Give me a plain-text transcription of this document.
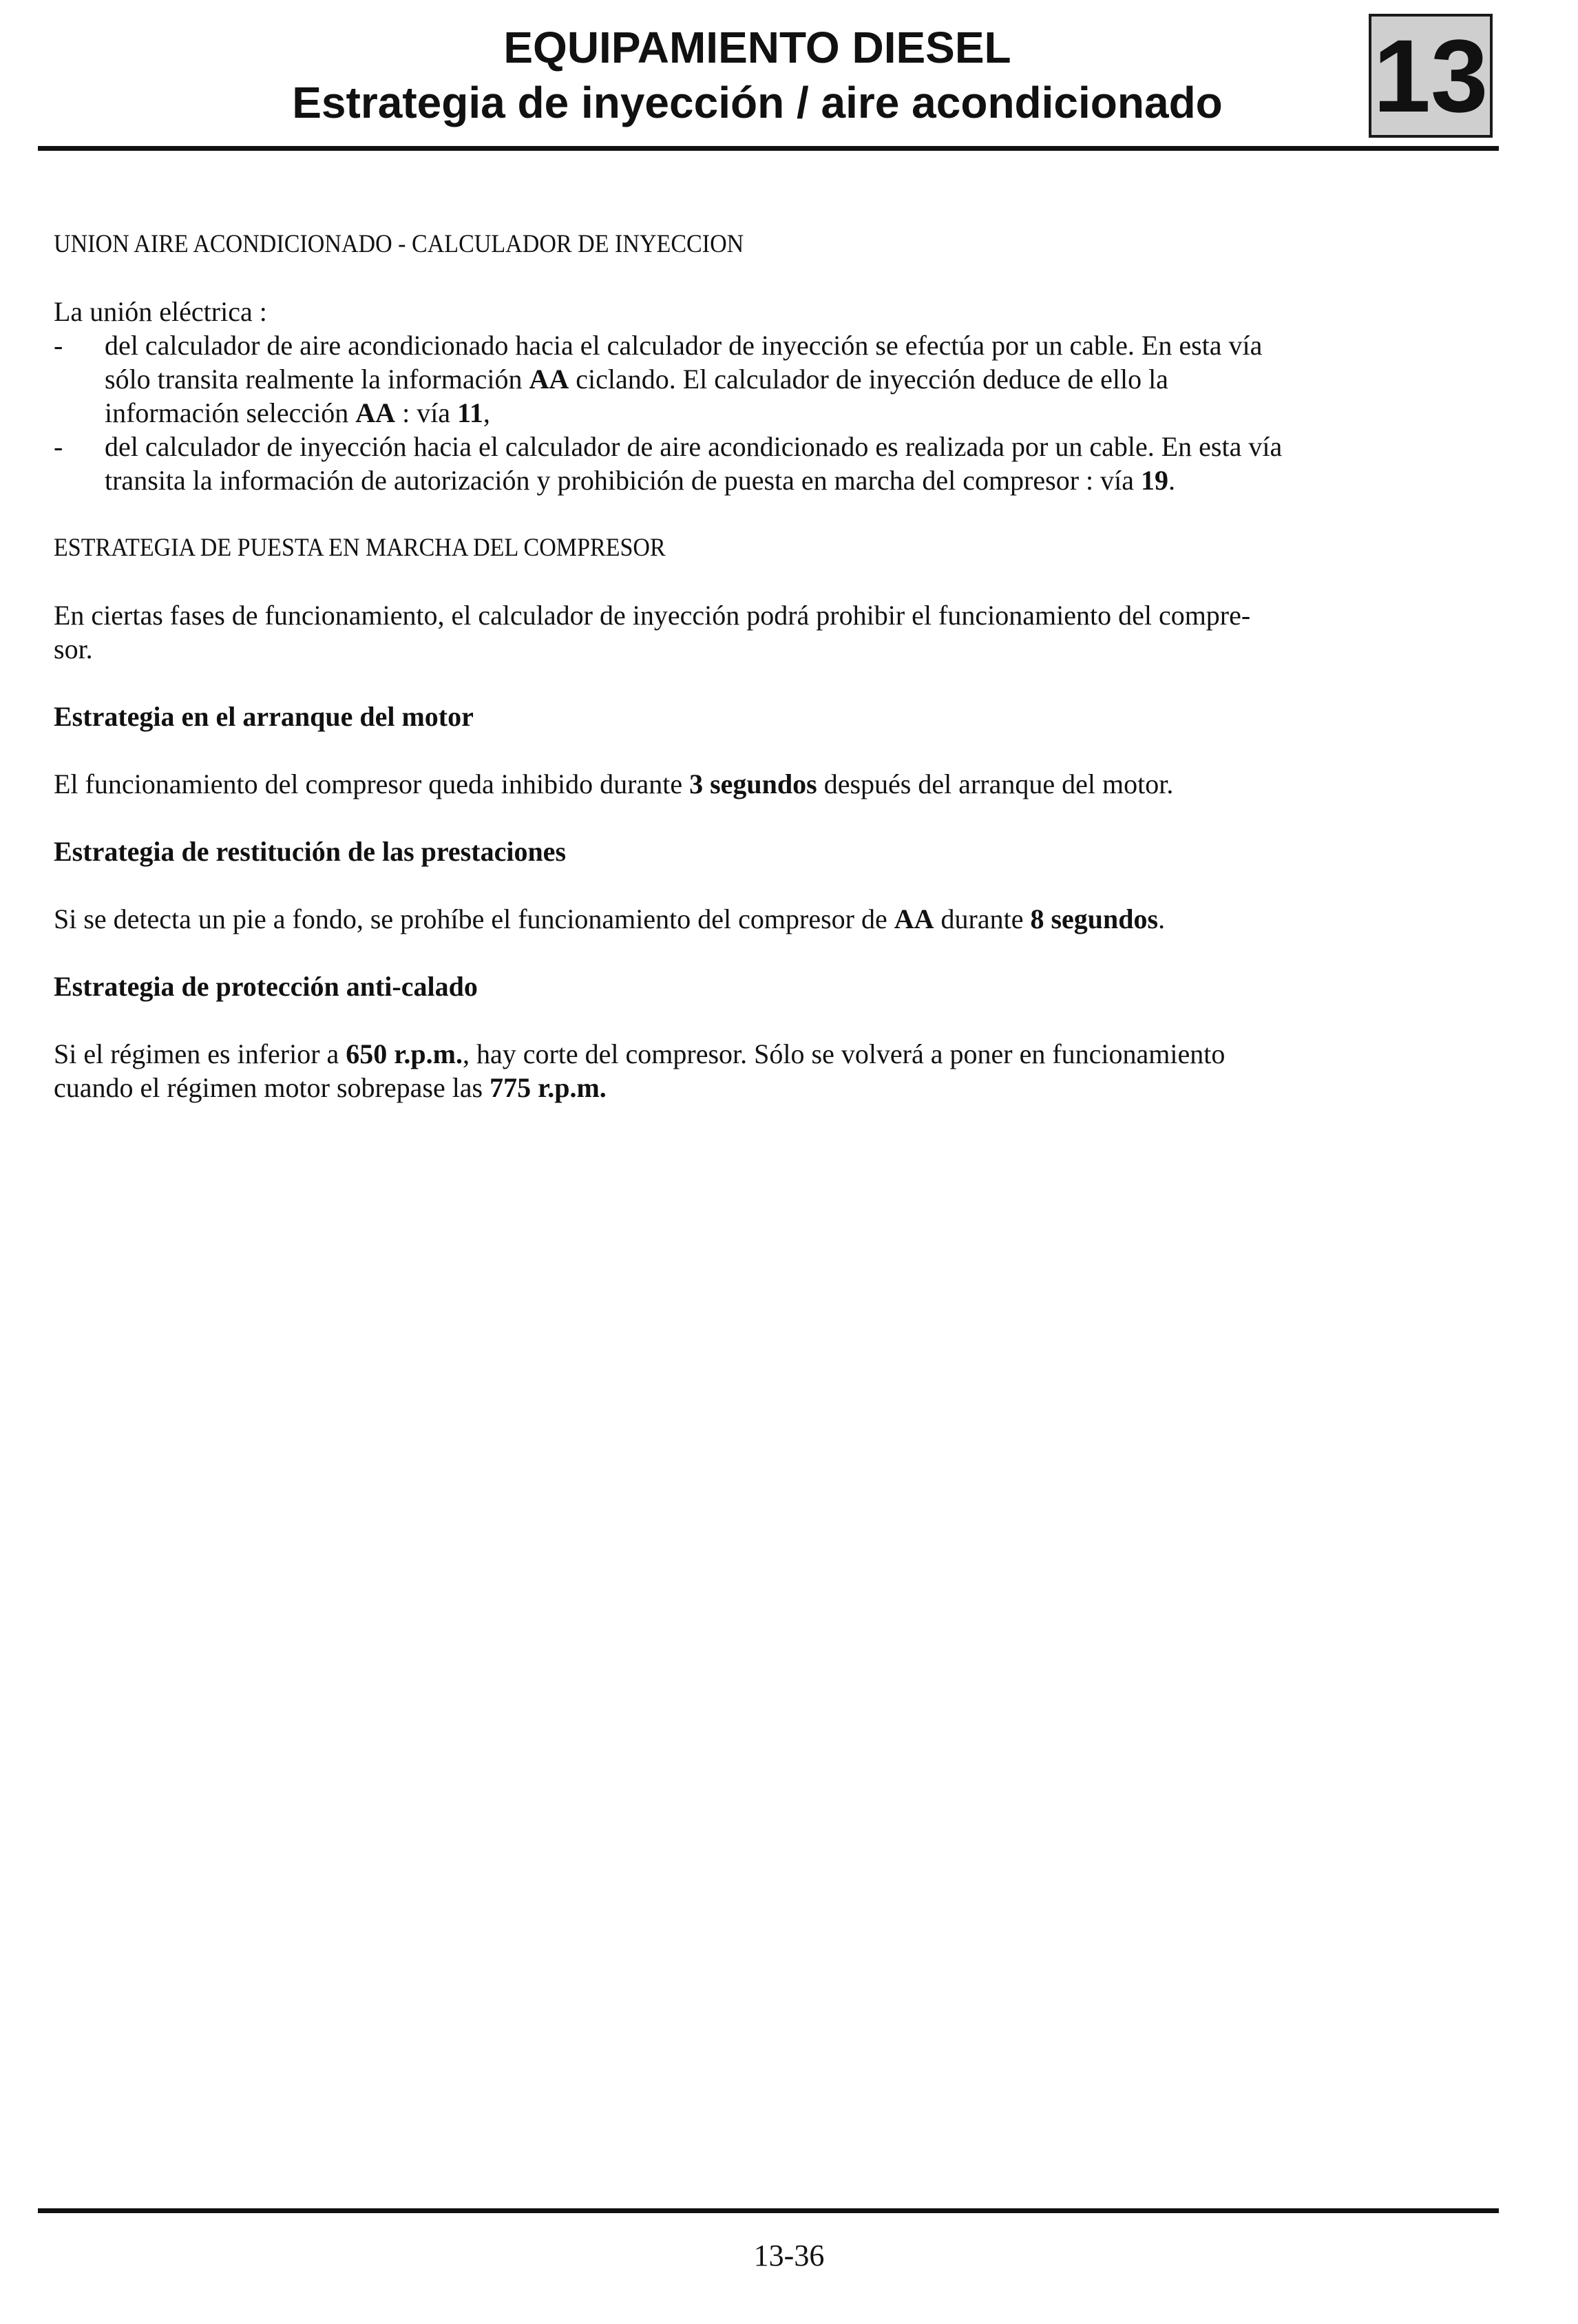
EQUIPAMIENTO DIESEL
Estrategia de inyección / aire acondicionado	13

UNION AIRE ACONDICIONADO - CALCULADOR DE INYECCION

La unión eléctrica :

- del calculador de aire acondicionado hacia el calculador de inyección se efectúa por un cable. En esta vía

sólo transita realmente la información AA ciclando. El calculador de inyección deduce de ello la

información selección AA : vía 11,

- del calculador de inyección hacia el calculador de aire acondicionado es realizada por un cable. En esta vía

transita la información de autorización y prohibición de puesta en marcha del compresor : vía 19.

ESTRATEGIA DE PUESTA EN MARCHA DEL COMPRESOR

En ciertas fases de funcionamiento, el calculador de inyección podrá prohibir el funcionamiento del compre-

sor.

Estrategia en el arranque del motor

El funcionamiento del compresor queda inhibido durante 3 segundos después del arranque del motor.

Estrategia de restitución de las prestaciones

Si se detecta un pie a fondo, se prohíbe el funcionamiento del compresor de AA durante 8 segundos.

Estrategia de protección anti-calado

Si el régimen es inferior a 650 r.p.m., hay corte del compresor. Sólo se volverá a poner en funcionamiento

cuando el régimen motor sobrepase las 775 r.p.m.

13-36
